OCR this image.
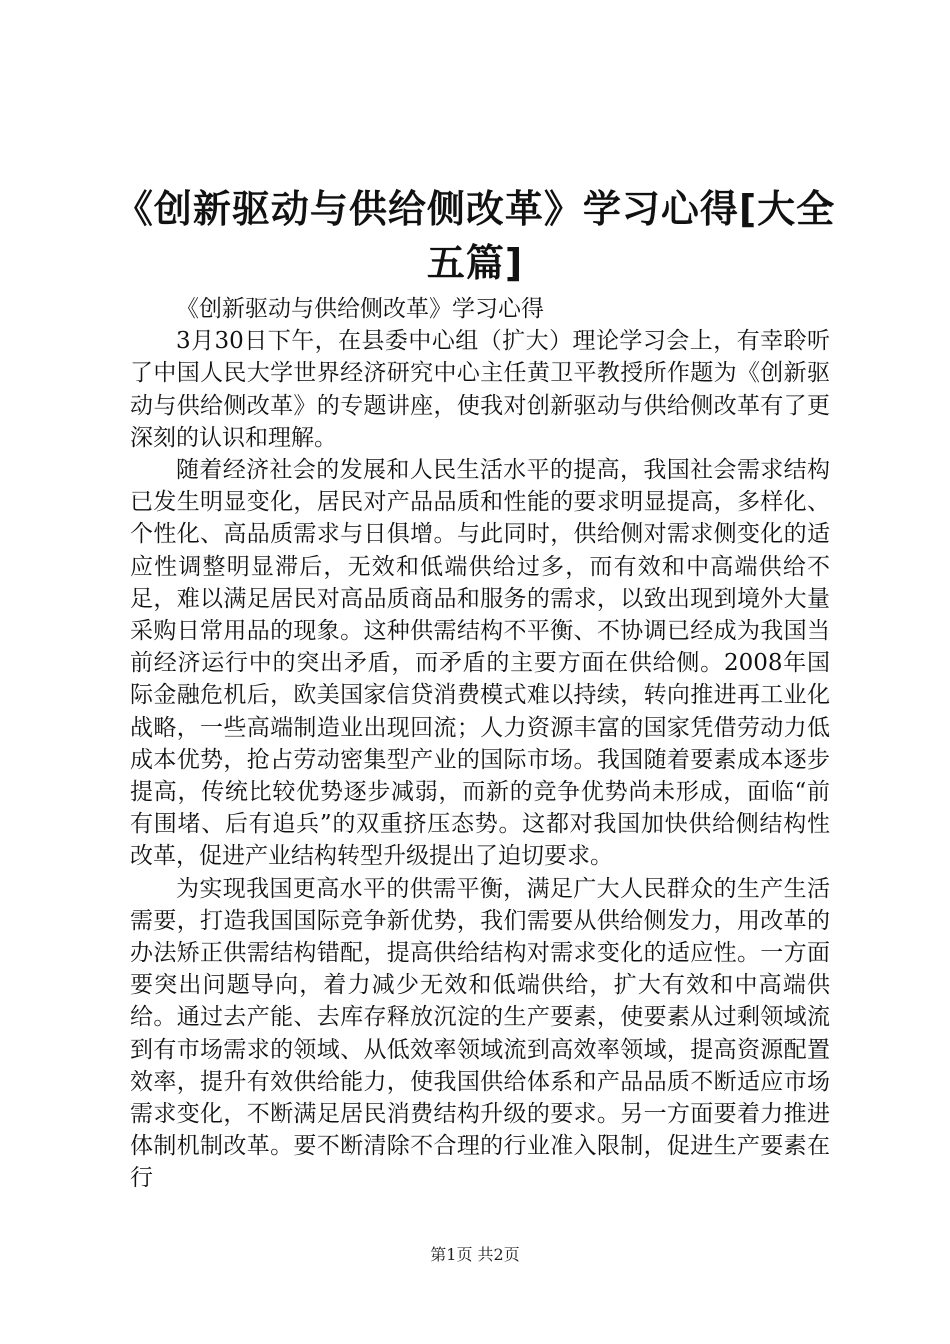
《创新驱动与供给侧改革》学习心得[大全五篇]

《创新驱动与供给侧改革》学习心得

3月30日下午，在县委中心组（扩大）理论学习会上，有幸聆听了中国人民大学世界经济研究中心主任黄卫平教授所作题为《创新驱动与供给侧改革》的专题讲座，使我对创新驱动与供给侧改革有了更深刻的认识和理解。

随着经济社会的发展和人民生活水平的提高，我国社会需求结构已发生明显变化，居民对产品品质和性能的要求明显提高，多样化、个性化、高品质需求与日俱增。与此同时，供给侧对需求侧变化的适应性调整明显滞后，无效和低端供给过多，而有效和中高端供给不足，难以满足居民对高品质商品和服务的需求，以致出现到境外大量采购日常用品的现象。这种供需结构不平衡、不协调已经成为我国当前经济运行中的突出矛盾，而矛盾的主要方面在供给侧。2008年国际金融危机后，欧美国家信贷消费模式难以持续，转向推进再工业化战略，一些高端制造业出现回流；人力资源丰富的国家凭借劳动力低成本优势，抢占劳动密集型产业的国际市场。我国随着要素成本逐步提高，传统比较优势逐步减弱，而新的竞争优势尚未形成，面临“前有围堵、后有追兵”的双重挤压态势。这都对我国加快供给侧结构性改革，促进产业结构转型升级提出了迫切要求。

为实现我国更高水平的供需平衡，满足广大人民群众的生产生活需要，打造我国国际竞争新优势，我们需要从供给侧发力，用改革的办法矫正供需结构错配，提高供给结构对需求变化的适应性。一方面要突出问题导向，着力减少无效和低端供给，扩大有效和中高端供给。通过去产能、去库存释放沉淀的生产要素，使要素从过剩领域流到有市场需求的领域、从低效率领域流到高效率领域，提高资源配置效率，提升有效供给能力，使我国供给体系和产品品质不断适应市场需求变化，不断满足居民消费结构升级的要求。另一方面要着力推进体制机制改革。要不断清除不合理的行业准入限制，促进生产要素在行

第1页 共2页
